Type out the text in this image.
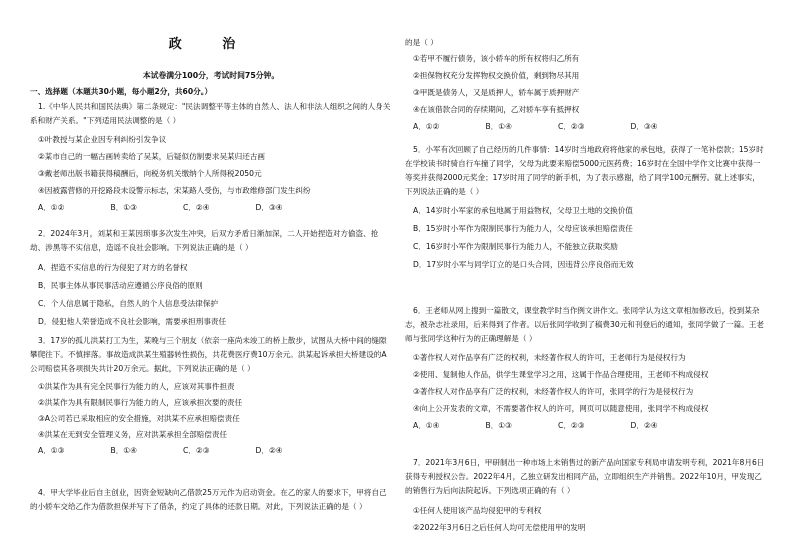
政 治
本试卷满分100分，考试时间75分钟。

一、选择题（本题共30小题，每小题2分，共60分。）

1.《中华人民共和国民法典》第二条规定："民法调整平等主体的自然人、法人和非法人组织之间的人身关系和财产关系。"下列适用民法调整的是（ ）

①叶教授与某企业因专利纠纷引发争议

②某市自己的一幅古画转卖给了吴某，后疑似仿制要求吴某归还古画

③戴老师出版书籍获得稿酬后，向税务机关缴纳个人所得税2050元

④因被露营修的开挖路段未设警示标志，宋某路人受伤，与市政维修部门发生纠纷

A．①②	B．①③	C．②④	D．③④

2．2024年3月，刘某和王某因琐事多次发生冲突，后双方矛盾日渐加深，二人开始捏造对方偷盗、抢劫、涉黑等不实信息，造谣不良社会影响。下列说法正确的是（ ）

A．捏造不实信息的行为侵犯了对方的名誉权

B．民事主体从事民事活动应遵循公序良俗的原则

C．个人信息属于隐私，自然人的个人信息受法律保护

D．侵犯他人荣誉造成不良社会影响，需要承担刑事责任

3．17岁的孤儿洪某打工为生，某晚与三个朋友（依亲一座尚未竣工的桥上散步，试图从大桥中间的缝隙攀爬往下。不慎摔落。事故造成洪某生殖器转性损伤，共花费医疗费10万余元。洪某起诉承担大桥建设的A公司赔偿其各项损失共计20万余元。据此，下列说法正确的是（ ）

①洪某作为具有完全民事行为能力的人，应该对其事件担责

②洪某作为具有限制民事行为能力的人，应该承担次要的责任

③A公司若已采取相应的安全措施，对洪某不应承担赔偿责任

④洪某在无到安全管理义务，应对洪某承担全部赔偿责任

A．①③	B．①④	C．②③	D．②④

4．甲大学毕业后自主创业，因资金短缺向乙借款25万元作为启动资金。在乙的家人的要求下，甲将自己的小轿车交给乙作为借款担保并写下了借条，约定了具体的还款日期。对此，下列说法正确的是（ ）

的是（ ）

①若甲不履行债务，该小轿车的所有权将归乙所有

②担保物权充分发挥物权交换价值，剩到物尽其用

③甲既是债务人，又是质押人，轿车属于质押财产

④在该借款合同的存续期间，乙对轿车享有抵押权

A．①②	B．①④	C．②③	D．③④

5．小军有次回顾了自己经历的几件事情：14岁时当地政府将他家的承包地，获得了一笔补偿款；15岁时在学校读书时骑自行车撞了同学，父母为此要来赔偿5000元医药费；16岁时在全国中学作文比赛中获得一等奖并获得2000元奖金；17岁时用了同学的新手机，为了表示感谢，给了同学100元酬劳。就上述事实，下列说法正确的是（ ）

A．14岁时小军家的承包地属于用益物权，父母卫土地的交换价值

B．15岁时小军作为限制民事行为能力人，父母应该承担赔偿责任

C．16岁时小军作为限制民事行为能力人，不能独立获取奖励

D．17岁时小军与同学订立的是口头合同，因违背公序良俗而无效

6．王老师从网上搜到一篇散文，课堂教学时当作例文讲作文。张同学认为这文章相加修改后，投到某杂志，被杂志社录用，后来得到了作者。以后张同学收到了稿费30元和刊登后的通知，张同学做了一篇。王老师与张同学这种行为的正确理解是（ ）

①著作权人对作品享有广泛的权利，未经著作权人的许可，王老师行为是侵权行为

②使用、复制他人作品，供学生课堂学习之用，这属于作品合理使用，王老师不构成侵权

③著作权人对作品享有广泛的权利，未经著作权人的许可，张同学的行为是侵权行为

④向上公开发表的文章，不需要著作权人的许可，网页可以随意使用，张同学不构成侵权

A．①④	B．①③	C．②③	D．②④

7．2021年3月6日，甲研制出一种市场上未销售过的新产品向国家专利局申请发明专利，2021年8月6日获得专利授权公告。2022年4月，乙独立研发出相同产品，立即组织生产并销售。2022年10月，甲发现乙的销售行为后向法院起诉。下列选项正确的有（ ）

①任何人使用该产品均侵犯甲的专利权

②2022年3月6日之后任何人均可无偿使用甲的发明
